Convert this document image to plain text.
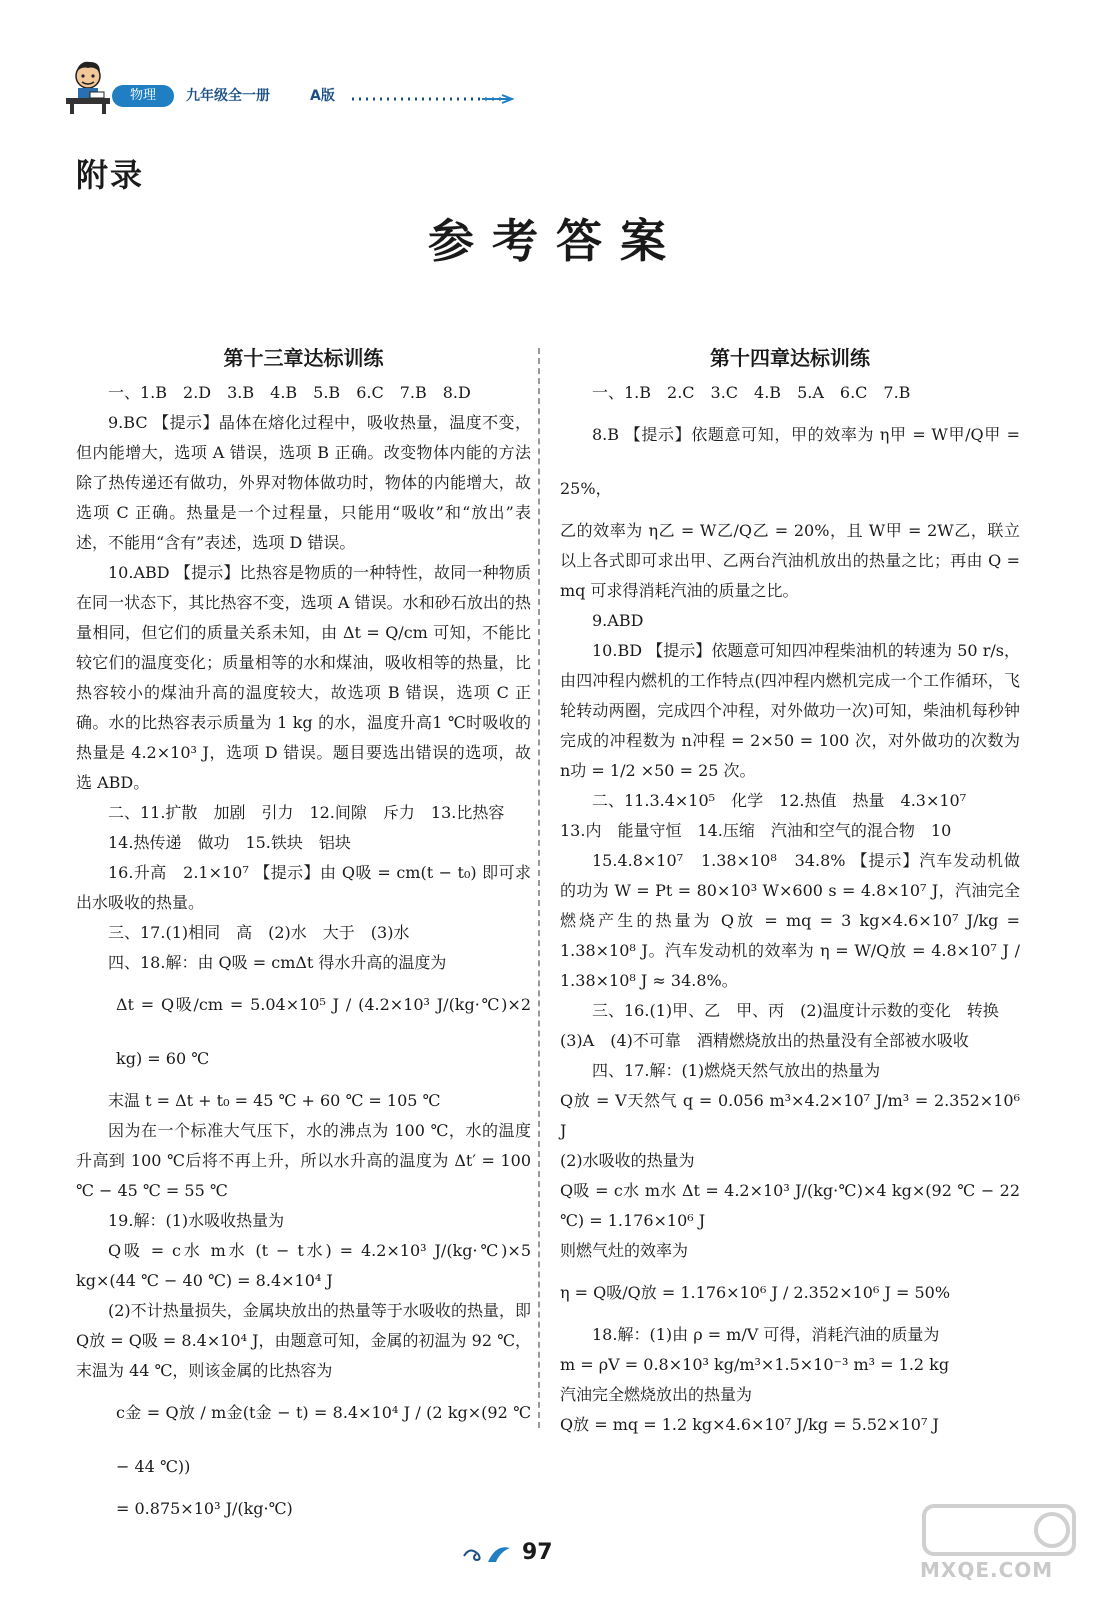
物理	九年级全一册	A版
附录
参考答案
第十三章达标训练

一、1.B　2.D　3.B　4.B　5.B　6.C　7.B　8.D

9.BC 【提示】晶体在熔化过程中，吸收热量，温度不变，但内能增大，选项 A 错误，选项 B 正确。改变物体内能的方法除了热传递还有做功，外界对物体做功时，物体的内能增大，故选项 C 正确。热量是一个过程量，只能用“吸收”和“放出”表述，不能用“含有”表述，选项 D 错误。

10.ABD 【提示】比热容是物质的一种特性，故同一种物质在同一状态下，其比热容不变，选项 A 错误。水和砂石放出的热量相同，但它们的质量关系未知，由 Δt = Q/cm 可知，不能比较它们的温度变化；质量相等的水和煤油，吸收相等的热量，比热容较小的煤油升高的温度较大，故选项 B 错误，选项 C 正确。水的比热容表示质量为 1 kg 的水，温度升高1 ℃时吸收的热量是 4.2×10³ J，选项 D 错误。题目要选出错误的选项，故选 ABD。

二、11.扩散　加剧　引力　12.间隙　斥力　13.比热容

14.热传递　做功　15.铁块　铝块

16.升高　2.1×10⁷ 【提示】由 Q吸 = cm(t − t₀) 即可求出水吸收的热量。

三、17.(1)相同　高　(2)水　大于　(3)水

四、18.解：由 Q吸 = cmΔt 得水升高的温度为

Δt = Q吸/cm = 5.04×10⁵ J / (4.2×10³ J/(kg·℃)×2 kg) = 60 ℃

末温 t = Δt + t₀ = 45 ℃ + 60 ℃ = 105 ℃

因为在一个标准大气压下，水的沸点为 100 ℃，水的温度升高到 100 ℃后将不再上升，所以水升高的温度为 Δt′ = 100 ℃ − 45 ℃ = 55 ℃

19.解：(1)水吸收热量为

Q吸 = c水 m水 (t − t水) = 4.2×10³ J/(kg·℃)×5 kg×(44 ℃ − 40 ℃) = 8.4×10⁴ J

(2)不计热量损失，金属块放出的热量等于水吸收的热量，即 Q放 = Q吸 = 8.4×10⁴ J，由题意可知，金属的初温为 92 ℃，末温为 44 ℃，则该金属的比热容为

c金 = Q放 / m金(t金 − t) = 8.4×10⁴ J / (2 kg×(92 ℃ − 44 ℃))

= 0.875×10³ J/(kg·℃)

第十四章达标训练

一、1.B　2.C　3.C　4.B　5.A　6.C　7.B

8.B 【提示】依题意可知，甲的效率为 η甲 = W甲/Q甲 = 25%，

乙的效率为 η乙 = W乙/Q乙 = 20%，且 W甲 = 2W乙，联立以上各式即可求出甲、乙两台汽油机放出的热量之比；再由 Q = mq 可求得消耗汽油的质量之比。

9.ABD

10.BD 【提示】依题意可知四冲程柴油机的转速为 50 r/s，由四冲程内燃机的工作特点(四冲程内燃机完成一个工作循环，飞轮转动两圈，完成四个冲程，对外做功一次)可知，柴油机每秒钟完成的冲程数为 n冲程 = 2×50 = 100 次，对外做功的次数为 n功 = 1/2 ×50 = 25 次。

二、11.3.4×10⁵　化学　12.热值　热量　4.3×10⁷

13.内　能量守恒　14.压缩　汽油和空气的混合物　10

15.4.8×10⁷　1.38×10⁸　34.8% 【提示】汽车发动机做的功为 W = Pt = 80×10³ W×600 s = 4.8×10⁷ J，汽油完全燃烧产生的热量为 Q放 = mq = 3 kg×4.6×10⁷ J/kg = 1.38×10⁸ J。汽车发动机的效率为 η = W/Q放 = 4.8×10⁷ J / 1.38×10⁸ J ≈ 34.8%。

三、16.(1)甲、乙　甲、丙　(2)温度计示数的变化　转换

(3)A　(4)不可靠　酒精燃烧放出的热量没有全部被水吸收

四、17.解：(1)燃烧天然气放出的热量为

Q放 = V天然气 q = 0.056 m³×4.2×10⁷ J/m³ = 2.352×10⁶ J

(2)水吸收的热量为

Q吸 = c水 m水 Δt = 4.2×10³ J/(kg·℃)×4 kg×(92 ℃ − 22 ℃) = 1.176×10⁶ J

则燃气灶的效率为

η = Q吸/Q放 = 1.176×10⁶ J / 2.352×10⁶ J = 50%

18.解：(1)由 ρ = m/V 可得，消耗汽油的质量为

m = ρV = 0.8×10³ kg/m³×1.5×10⁻³ m³ = 1.2 kg

汽油完全燃烧放出的热量为

Q放 = mq = 1.2 kg×4.6×10⁷ J/kg = 5.52×10⁷ J

97
MXQE.COM
